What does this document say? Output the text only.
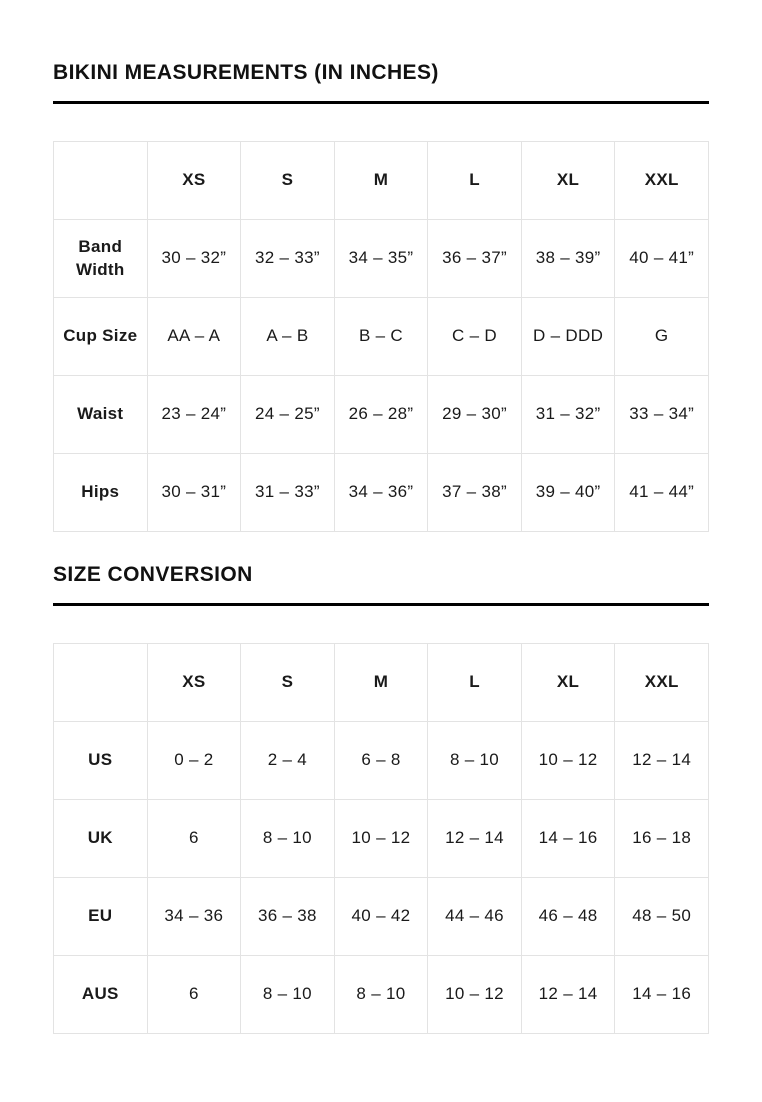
BIKINI MEASUREMENTS (IN INCHES)
	XS	S	M	L	XL	XXL
Band Width	30 – 32”	32 – 33”	34 – 35”	36 – 37”	38 – 39”	40 – 41”
Cup Size	AA – A	A – B	B – C	C – D	D – DDD	G
Waist	23 – 24”	24 – 25”	26 – 28”	29 – 30”	31 – 32”	33 – 34”
Hips	30 – 31”	31 – 33”	34 – 36”	37 – 38”	39 – 40”	41 – 44”
SIZE CONVERSION
	XS	S	M	L	XL	XXL
US	0 – 2	2 – 4	6 – 8	8 – 10	10 – 12	12 – 14
UK	6	8 – 10	10 – 12	12 – 14	14 – 16	16 – 18
EU	34 – 36	36 – 38	40 – 42	44 – 46	46 – 48	48 – 50
AUS	6	8 – 10	8 – 10	10 – 12	12 – 14	14 – 16
